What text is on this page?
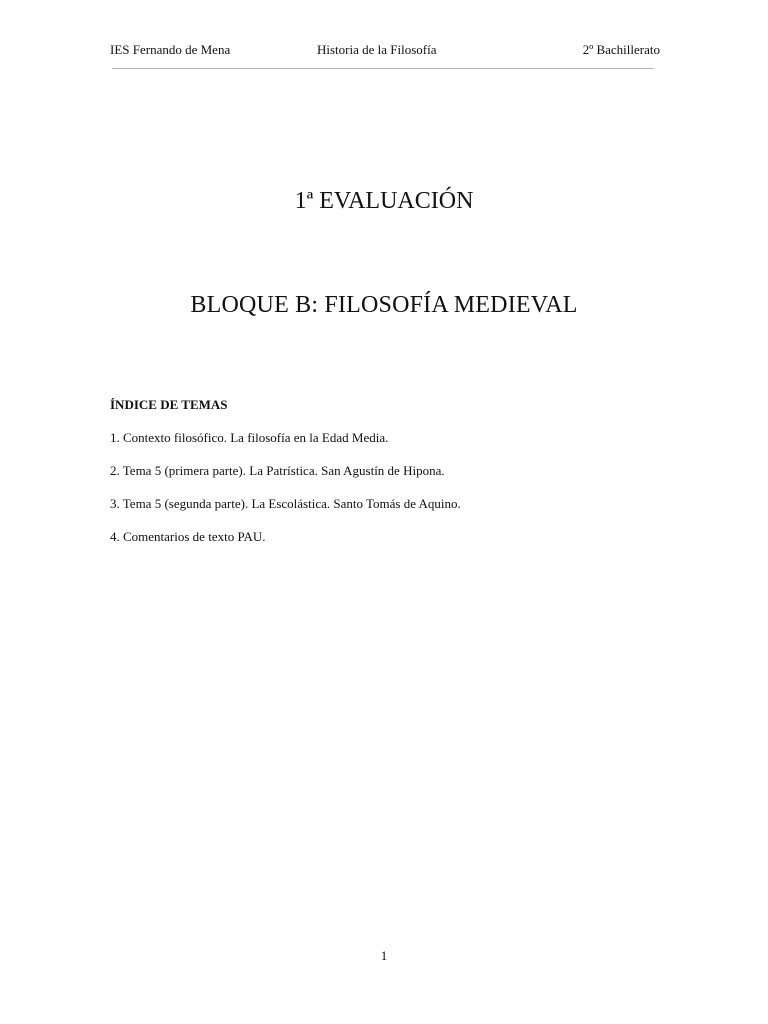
IES Fernando de Mena	Historia de la Filosofía	2º Bachillerato
1ª EVALUACIÓN
BLOQUE B: FILOSOFÍA MEDIEVAL
ÍNDICE DE TEMAS
1. Contexto filosófico. La filosofía en la Edad Media.
2. Tema 5 (primera parte). La Patrística. San Agustín de Hipona.
3. Tema 5 (segunda parte). La Escolástica. Santo Tomás de Aquino.
4. Comentarios de texto PAU.
1
